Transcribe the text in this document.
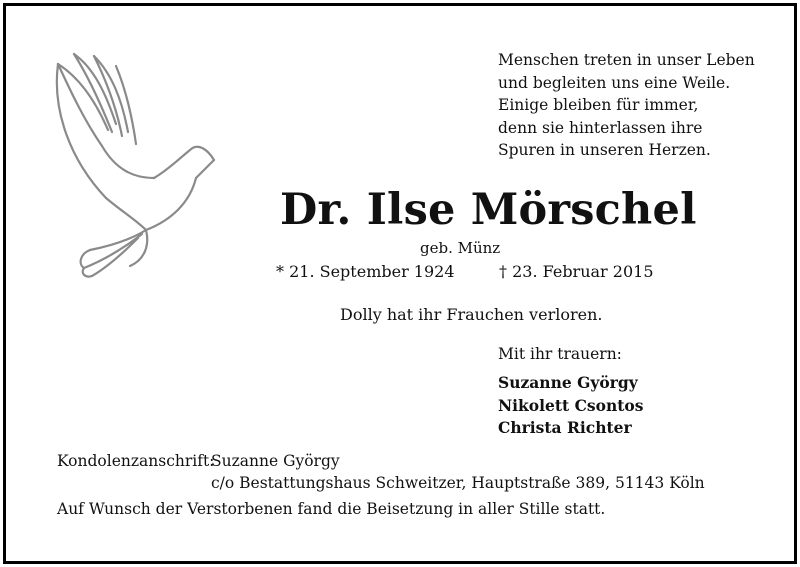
Menschen treten in unser Leben
und begleiten uns eine Weile.
Einige bleiben für immer,
denn sie hinterlassen ihre
Spuren in unseren Herzen.
Dr. Ilse Mörschel
geb. Münz
* 21. September 1924	† 23. Februar 2015
Dolly hat ihr Frauchen verloren.
Mit ihr trauern:
Suzanne György
Nikolett Csontos
Christa Richter
Kondolenzanschrift:
Suzanne György
c/o Bestattungshaus Schweitzer, Hauptstraße 389, 51143 Köln
Auf Wunsch der Verstorbenen fand die Beisetzung in aller Stille statt.
